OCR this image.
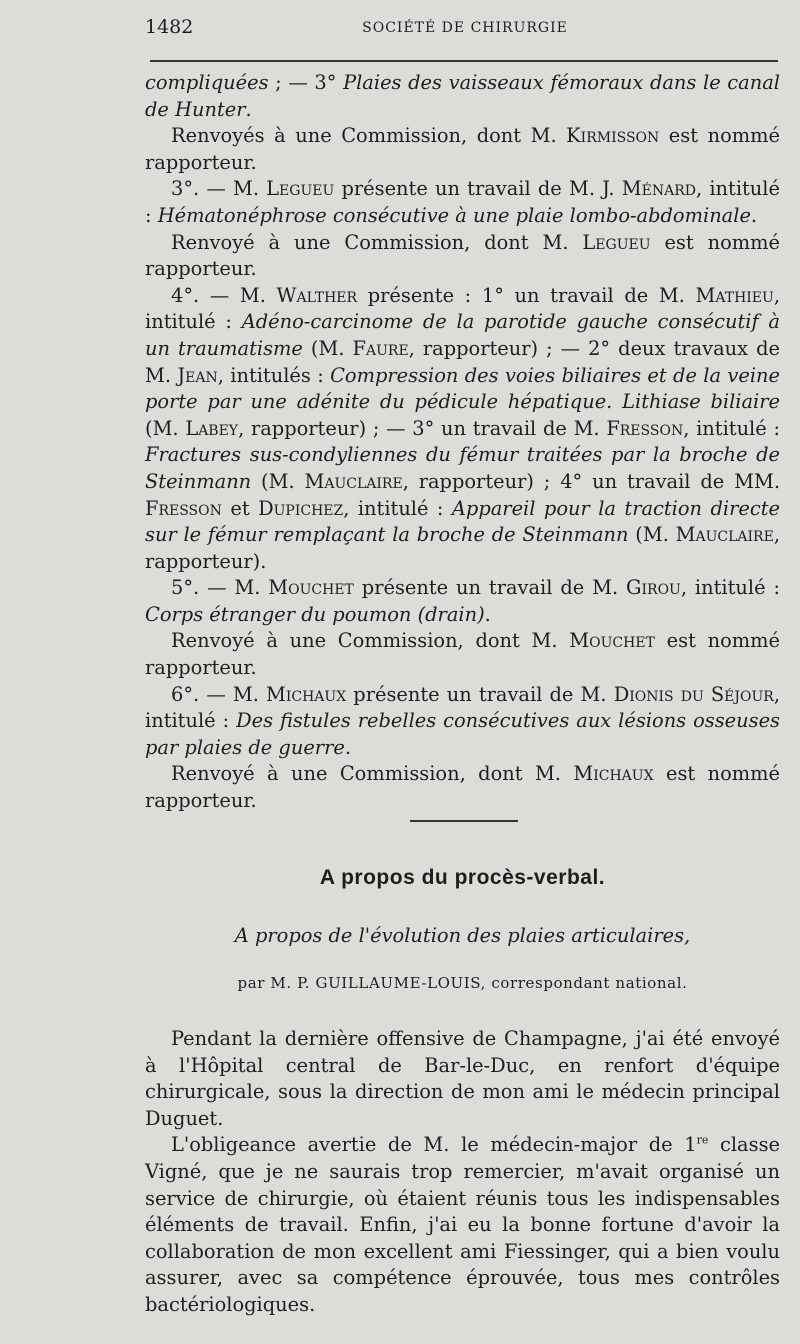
1482	SOCIÉTÉ DE CHIRURGIE

compliquées ; — 3° Plaies des vaisseaux fémoraux dans le canal de Hunter.

Renvoyés à une Commission, dont M. Kirmisson est nommé rapporteur.

3°. — M. Legueu présente un travail de M. J. Ménard, intitulé : Hématonéphrose consécutive à une plaie lombo-abdominale.

Renvoyé à une Commission, dont M. Legueu est nommé rapporteur.

4°. — M. Walther présente : 1° un travail de M. Mathieu, intitulé : Adéno-carcinome de la parotide gauche consécutif à un traumatisme (M. Faure, rapporteur) ; — 2° deux travaux de M. Jean, intitulés : Compression des voies biliaires et de la veine porte par une adénite du pédicule hépatique. Lithiase biliaire (M. Labey, rapporteur) ; — 3° un travail de M. Fresson, intitulé : Fractures sus-condyliennes du fémur traitées par la broche de Steinmann (M. Mauclaire, rapporteur) ; 4° un travail de MM. Fresson et Dupichez, intitulé : Appareil pour la traction directe sur le fémur remplaçant la broche de Steinmann (M. Mauclaire, rapporteur).

5°. — M. Mouchet présente un travail de M. Girou, intitulé : Corps étranger du poumon (drain).

Renvoyé à une Commission, dont M. Mouchet est nommé rapporteur.

6°. — M. Michaux présente un travail de M. Dionis du Séjour, intitulé : Des fistules rebelles consécutives aux lésions osseuses par plaies de guerre.

Renvoyé à une Commission, dont M. Michaux est nommé rapporteur.

A propos du procès-verbal.
A propos de l'évolution des plaies articulaires,
par M. P. GUILLAUME-LOUIS, correspondant national.

Pendant la dernière offensive de Champagne, j'ai été envoyé à l'Hôpital central de Bar-le-Duc, en renfort d'équipe chirurgicale, sous la direction de mon ami le médecin principal Duguet.

L'obligeance avertie de M. le médecin-major de 1re classe Vigné, que je ne saurais trop remercier, m'avait organisé un service de chirurgie, où étaient réunis tous les indispensables éléments de travail. Enfin, j'ai eu la bonne fortune d'avoir la collaboration de mon excellent ami Fiessinger, qui a bien voulu assurer, avec sa compétence éprouvée, tous mes contrôles bactériologiques.
